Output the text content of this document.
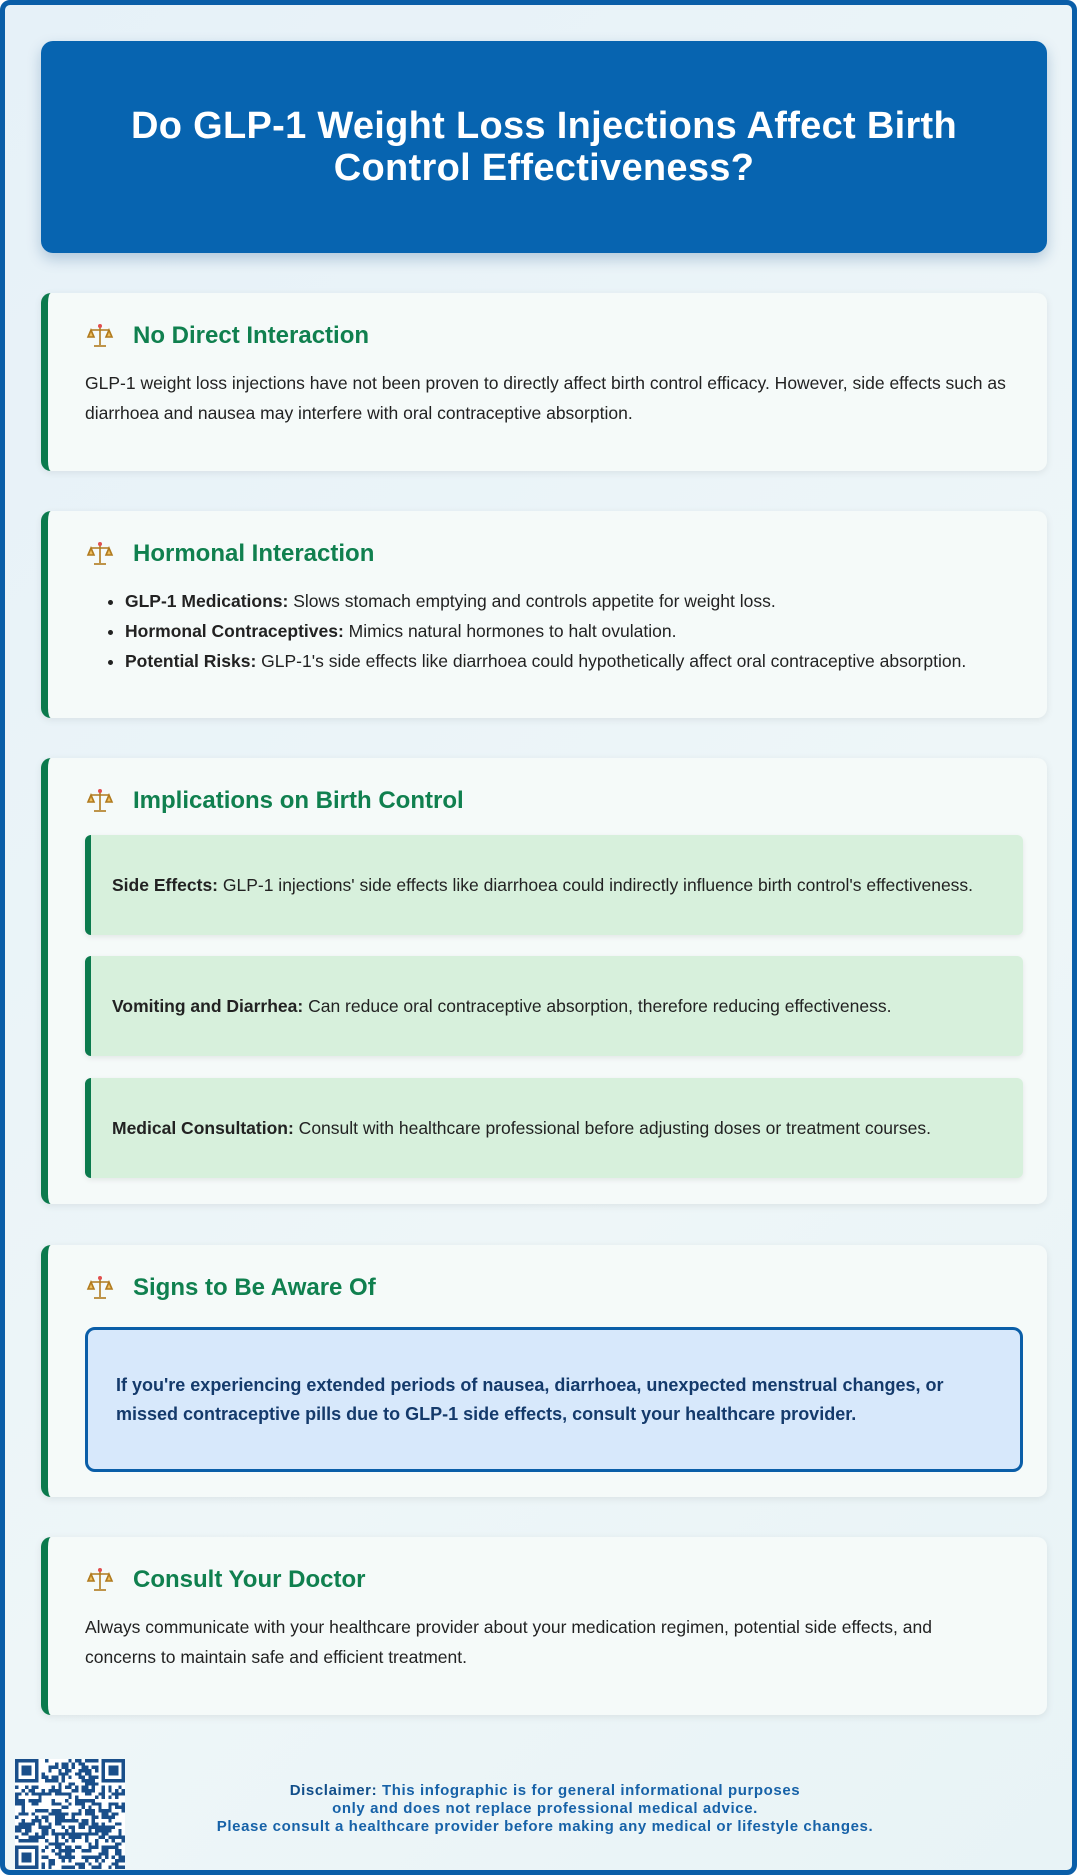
Do GLP-1 Weight Loss Injections Affect Birth Control Effectiveness?
No Direct Interaction

GLP-1 weight loss injections have not been proven to directly affect birth control efficacy. However, side effects such as diarrhoea and nausea may interfere with oral contraceptive absorption.

Hormonal Interaction
• GLP-1 Medications: Slows stomach emptying and controls appetite for weight loss.
• Hormonal Contraceptives: Mimics natural hormones to halt ovulation.
• Potential Risks: GLP-1's side effects like diarrhoea could hypothetically affect oral contraceptive absorption.
Implications on Birth Control
Side Effects: GLP-1 injections' side effects like diarrhoea could indirectly influence birth control's effectiveness.
Vomiting and Diarrhea: Can reduce oral contraceptive absorption, therefore reducing effectiveness.
Medical Consultation: Consult with healthcare professional before adjusting doses or treatment courses.
Signs to Be Aware Of
If you're experiencing extended periods of nausea, diarrhoea, unexpected menstrual changes, or missed contraceptive pills due to GLP-1 side effects, consult your healthcare provider.
Consult Your Doctor

Always communicate with your healthcare provider about your medication regimen, potential side effects, and concerns to maintain safe and efficient treatment.

Disclaimer: This infographic is for general informational purposes
only and does not replace professional medical advice.
Please consult a healthcare provider before making any medical or lifestyle changes.
